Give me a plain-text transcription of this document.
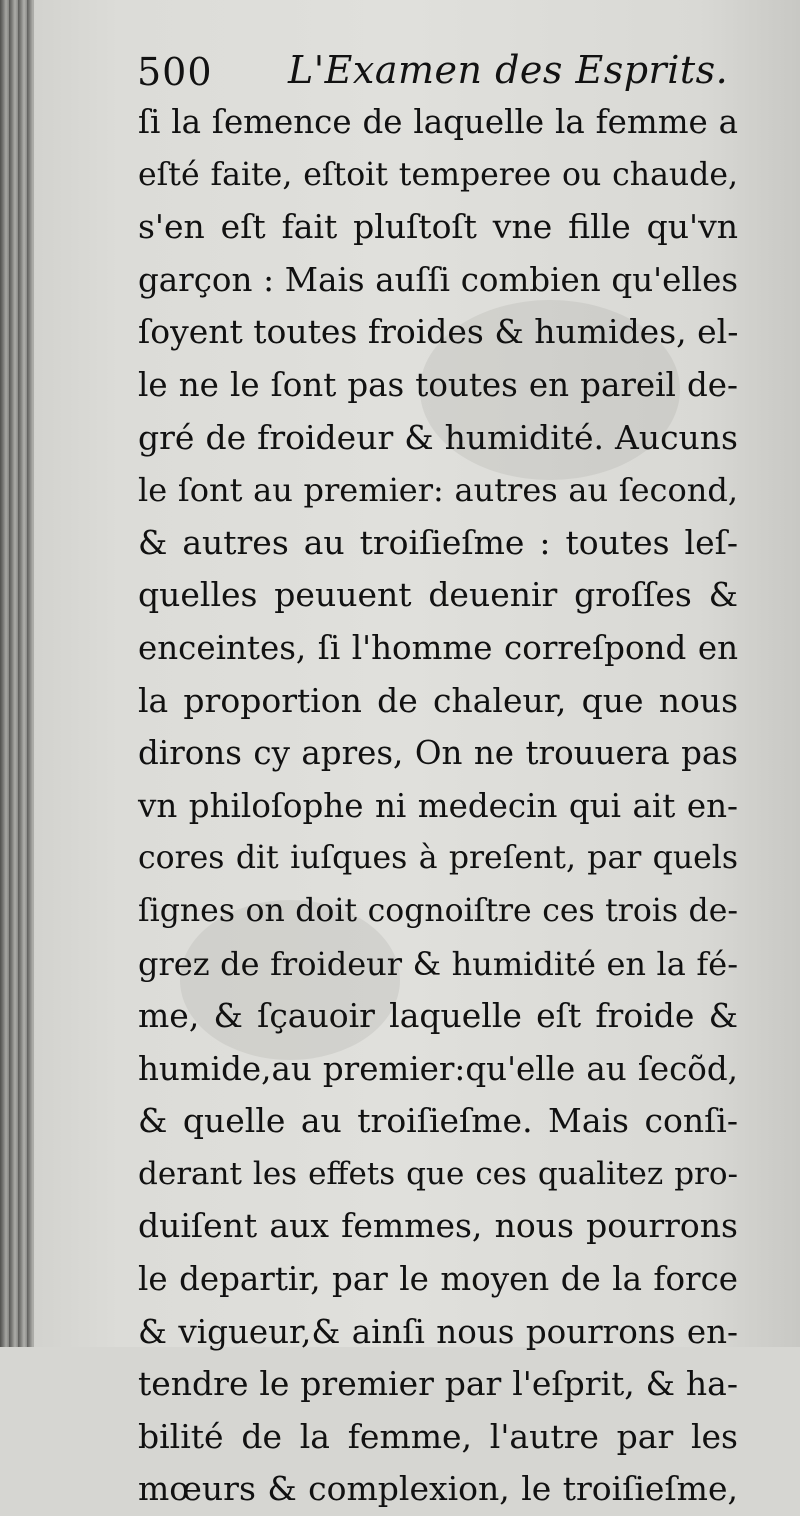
500 L'Examen des Esprits.
ſi la ſemence de laquelle la femme a
eſté faite, eſtoit temperee ou chaude,
s'en eſt fait pluſtoſt vne fille qu'vn
garçon : Mais auſſi combien qu'elles
ſoyent toutes froides & humides, el-
le ne le ſont pas toutes en pareil de-
gré de froideur & humidité. Aucuns
le ſont au premier: autres au ſecond,
& autres au troiſieſme : toutes leſ-
quelles peuuent deuenir groſſes &
enceintes, ſi l'homme correſpond en
la proportion de chaleur, que nous
dirons cy apres, On ne trouuera pas
vn philoſophe ni medecin qui ait en-
cores dit iuſques à preſent, par quels
ſignes on doit cognoiſtre ces trois de-
grez de froideur & humidité en la fé-
me, & ſçauoir laquelle eſt froide &
humide,au premier:qu'elle au ſecõd,
& quelle au troiſieſme. Mais conſi-
derant les effets que ces qualitez pro-
duiſent aux femmes, nous pourrons
le departir, par le moyen de la force
& vigueur,& ainſi nous pourrons en-
tendre le premier par l'eſprit, & ha-
bilité de la femme, l'autre par les
mœurs & complexion, le troiſieſme,
